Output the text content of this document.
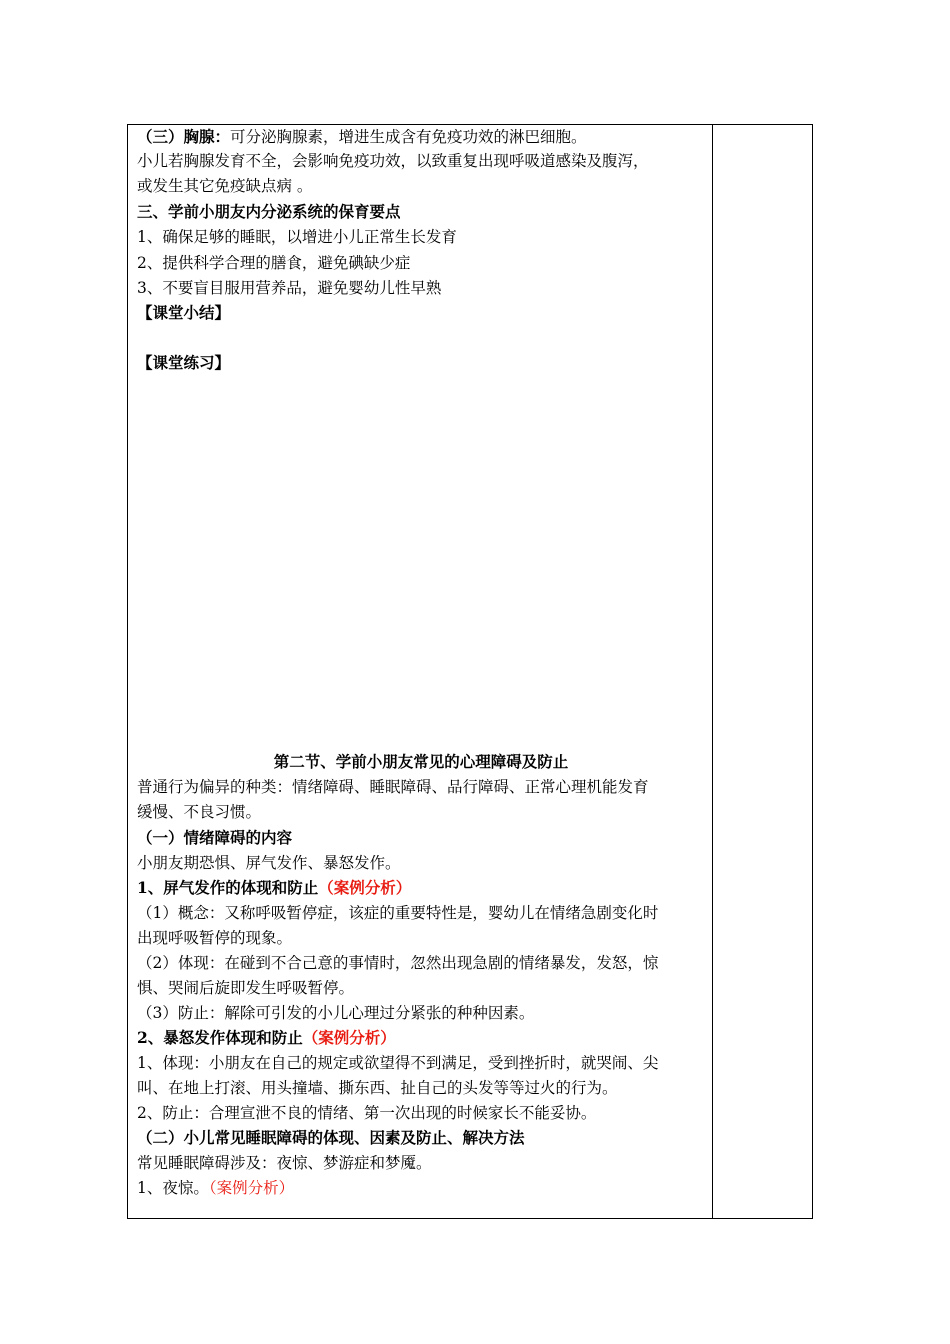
（三）胸腺：可分泌胸腺素，增进生成含有免疫功效的淋巴细胞。
小儿若胸腺发育不全，会影响免疫功效，以致重复出现呼吸道感染及腹泻，
或发生其它免疫缺点病 。
三、学前小朋友内分泌系统的保育要点
1、确保足够的睡眠，以增进小儿正常生长发育
2、提供科学合理的膳食，避免碘缺少症
3、不要盲目服用营养品，避免婴幼儿性早熟
【课堂小结】
【课堂练习】
第二节、学前小朋友常见的心理障碍及防止
普通行为偏异的种类：情绪障碍、睡眠障碍、品行障碍、正常心理机能发育
缓慢、不良习惯。
（一）情绪障碍的内容
小朋友期恐惧、屏气发作、暴怒发作。
1、屏气发作的体现和防止（案例分析）
（1）概念：又称呼吸暂停症，该症的重要特性是，婴幼儿在情绪急剧变化时
出现呼吸暂停的现象。
（2）体现：在碰到不合己意的事情时，忽然出现急剧的情绪暴发，发怒，惊
惧、哭闹后旋即发生呼吸暂停。
（3）防止：解除可引发的小儿心理过分紧张的种种因素。
2、暴怒发作体现和防止（案例分析）
1、体现：小朋友在自己的规定或欲望得不到满足，受到挫折时，就哭闹、尖
叫、在地上打滚、用头撞墙、撕东西、扯自己的头发等等过火的行为。
2、防止：合理宣泄不良的情绪、第一次出现的时候家长不能妥协。
（二）小儿常见睡眠障碍的体现、因素及防止、解决方法
常见睡眠障碍涉及：夜惊、梦游症和梦魇。
1、夜惊。（案例分析）
